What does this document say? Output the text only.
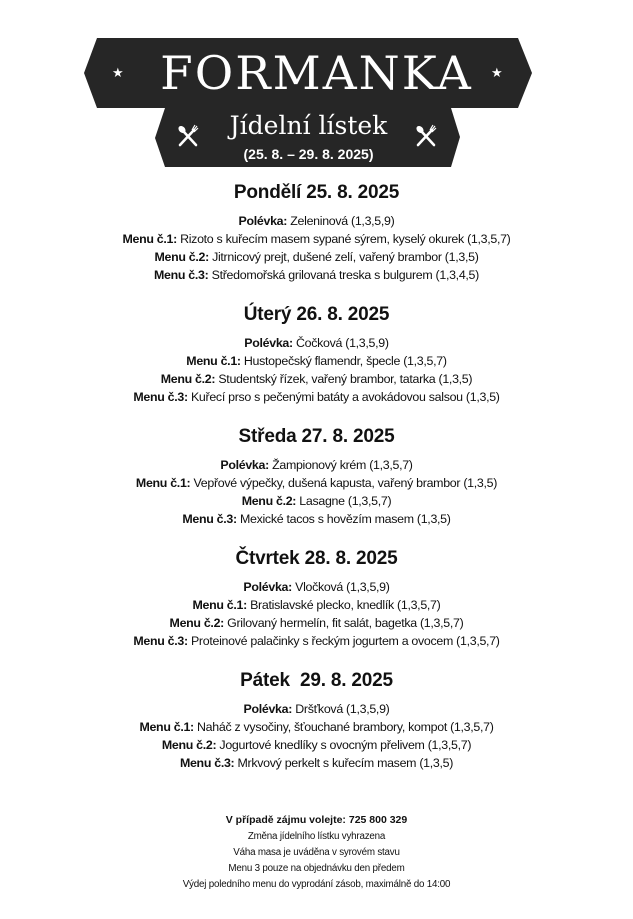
★	★
FORMANKA
Jídelní lístek
(25. 8. – 29. 8. 2025)
Pondělí 25. 8. 2025
Polévka: Zeleninová (1,3,5,9)
Menu č.1: Rizoto s kuřecím masem sypané sýrem, kyselý okurek (1,3,5,7)
Menu č.2: Jitrnicový prejt, dušené zelí, vařený brambor (1,3,5)
Menu č.3: Středomořská grilovaná treska s bulgurem (1,3,4,5)
Úterý 26. 8. 2025
Polévka: Čočková (1,3,5,9)
Menu č.1: Hustopečský flamendr, špecle (1,3,5,7)
Menu č.2: Studentský řízek, vařený brambor, tatarka (1,3,5)
Menu č.3: Kuřecí prso s pečenými batáty a avokádovou salsou (1,3,5)
Středa 27. 8. 2025
Polévka: Žampionový krém (1,3,5,7)
Menu č.1: Vepřové výpečky, dušená kapusta, vařený brambor (1,3,5)
Menu č.2: Lasagne (1,3,5,7)
Menu č.3: Mexické tacos s hovězím masem (1,3,5)
Čtvrtek 28. 8. 2025
Polévka: Vločková (1,3,5,9)
Menu č.1: Bratislavské plecko, knedlík (1,3,5,7)
Menu č.2: Grilovaný hermelín, fit salát, bagetka (1,3,5,7)
Menu č.3: Proteinové palačinky s řeckým jogurtem a ovocem (1,3,5,7)
Pátek  29. 8. 2025
Polévka: Dršťková (1,3,5,9)
Menu č.1: Naháč z vysočiny, šťouchané brambory, kompot (1,3,5,7)
Menu č.2: Jogurtové knedlíky s ovocným přelivem (1,3,5,7)
Menu č.3: Mrkvový perkelt s kuřecím masem (1,3,5)
V případě zájmu volejte: 725 800 329
Změna jídelního lístku vyhrazena
Váha masa je uváděna v syrovém stavu
Menu 3 pouze na objednávku den předem
Výdej poledního menu do vyprodání zásob, maximálně do 14:00
